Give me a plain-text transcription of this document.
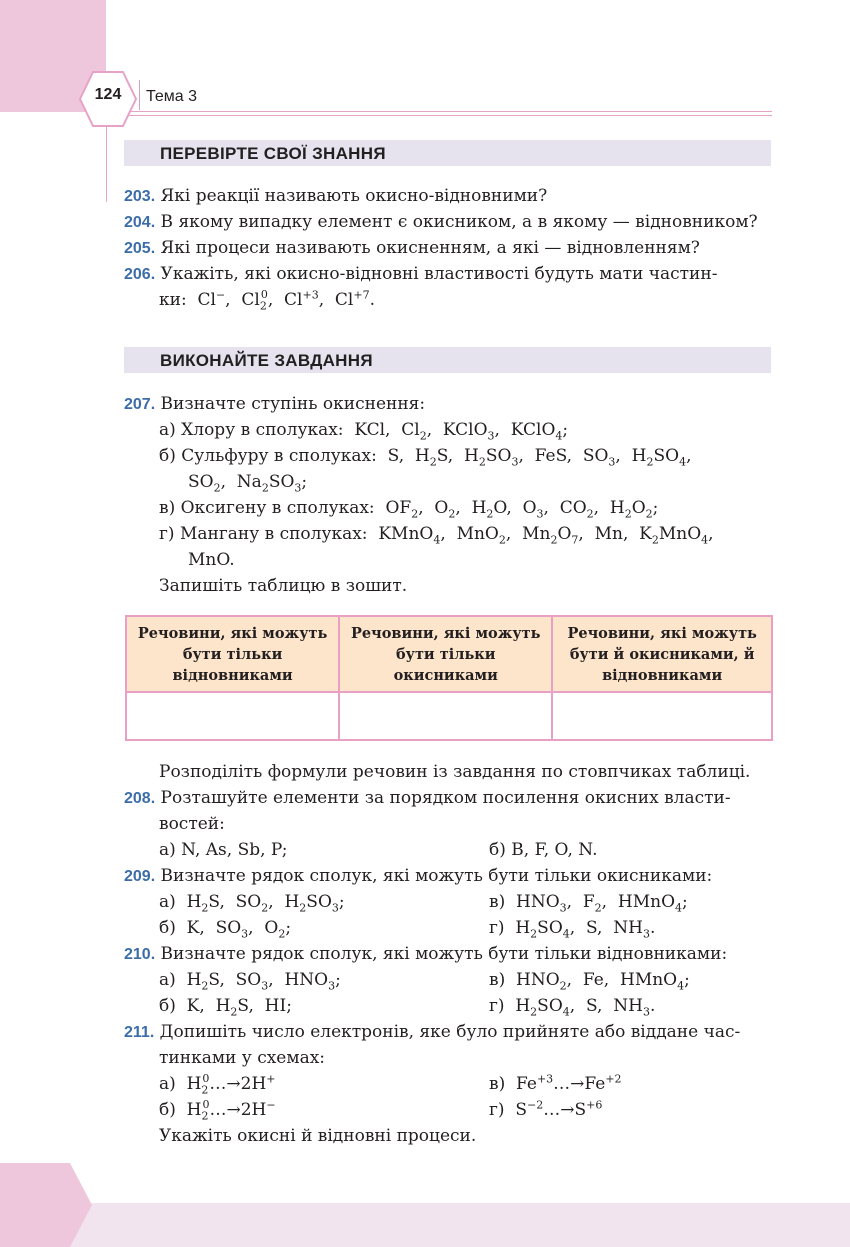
124	Тема 3
ПЕРЕВІРТЕ СВОЇ ЗНАННЯ
203. Які реакції називають окисно-відновними?
204. В якому випадку елемент є окисником, а в якому — відновником?
205. Які процеси називають окисненням, а які — відновленням?
206. Укажіть, які окисно-відновні властивості будуть мати частин-
ки:  Cl−,  $Cl_2^0$,  $Cl^{+3}$,  $Cl^{+7}$.
ВИКОНАЙТЕ ЗАВДАННЯ
207. Визначте ступінь окиснення:
а) Хлору в сполуках:  KCl,  $Cl_2$,  KClO$_3$,  KClO$_4$;
б) Сульфуру в сполуках:  S,  $H_2S$,  $H_2SO_3$,  FeS,  $SO_3$,  $H_2SO_4$,
$SO_2$,  $Na_2SO_3$;
в) Оксигену в сполуках:  $OF_2$,  $O_2$,  $H_2O$,  $O_3$,  $CO_2$,  $H_2O_2$;
г) Мангану в сполуках:  KMnO$_4$,  MnO$_2$,  $Mn_2O_7$,  Mn,  $K_2MnO_4$,
MnO.
Запишіть таблицю в зошит.
Речовини, які можуть бути тільки відновниками	Речовини, які можуть бути тільки окисниками	Речовини, які можуть бути й окисниками, й відновниками

Розподіліть формули речовин із завдання по стовпчиках таблиці.
208. Розташуйте елементи за порядком посилення окисних власти-
востей:
а) N, As, Sb, P;	б) B, F, O, N.
209. Визначте рядок сполук, які можуть бути тільки окисниками:
а)  $H_2S$,  $SO_2$,  $H_2SO_3$;	в)  $HNO_3$,  $F_2$,  HMnO$_4$;
б)  K,  $SO_3$,  $O_2$;	г)  $H_2SO_4$,  S,  $NH_3$.
210. Визначте рядок сполук, які можуть бути тільки відновниками:
а)  $H_2S$,  $SO_3$,  $HNO_3$;	в)  $HNO_2$,  Fe,  HMnO$_4$;
б)  K,  $H_2S$,  HI;	г)  $H_2SO_4$,  S,  $NH_3$.
211. Допишіть число електронів, яке було прийняте або віддане час-
тинками у схемах:
а)  $H_2^0\dots\to 2H^+$	в)  $Fe^{+3}\dots\to Fe^{+2}$
б)  $H_2^0\dots\to 2H^-$	г)  $S^{-2}\dots\to S^{+6}$
Укажіть окисні й відновні процеси.
